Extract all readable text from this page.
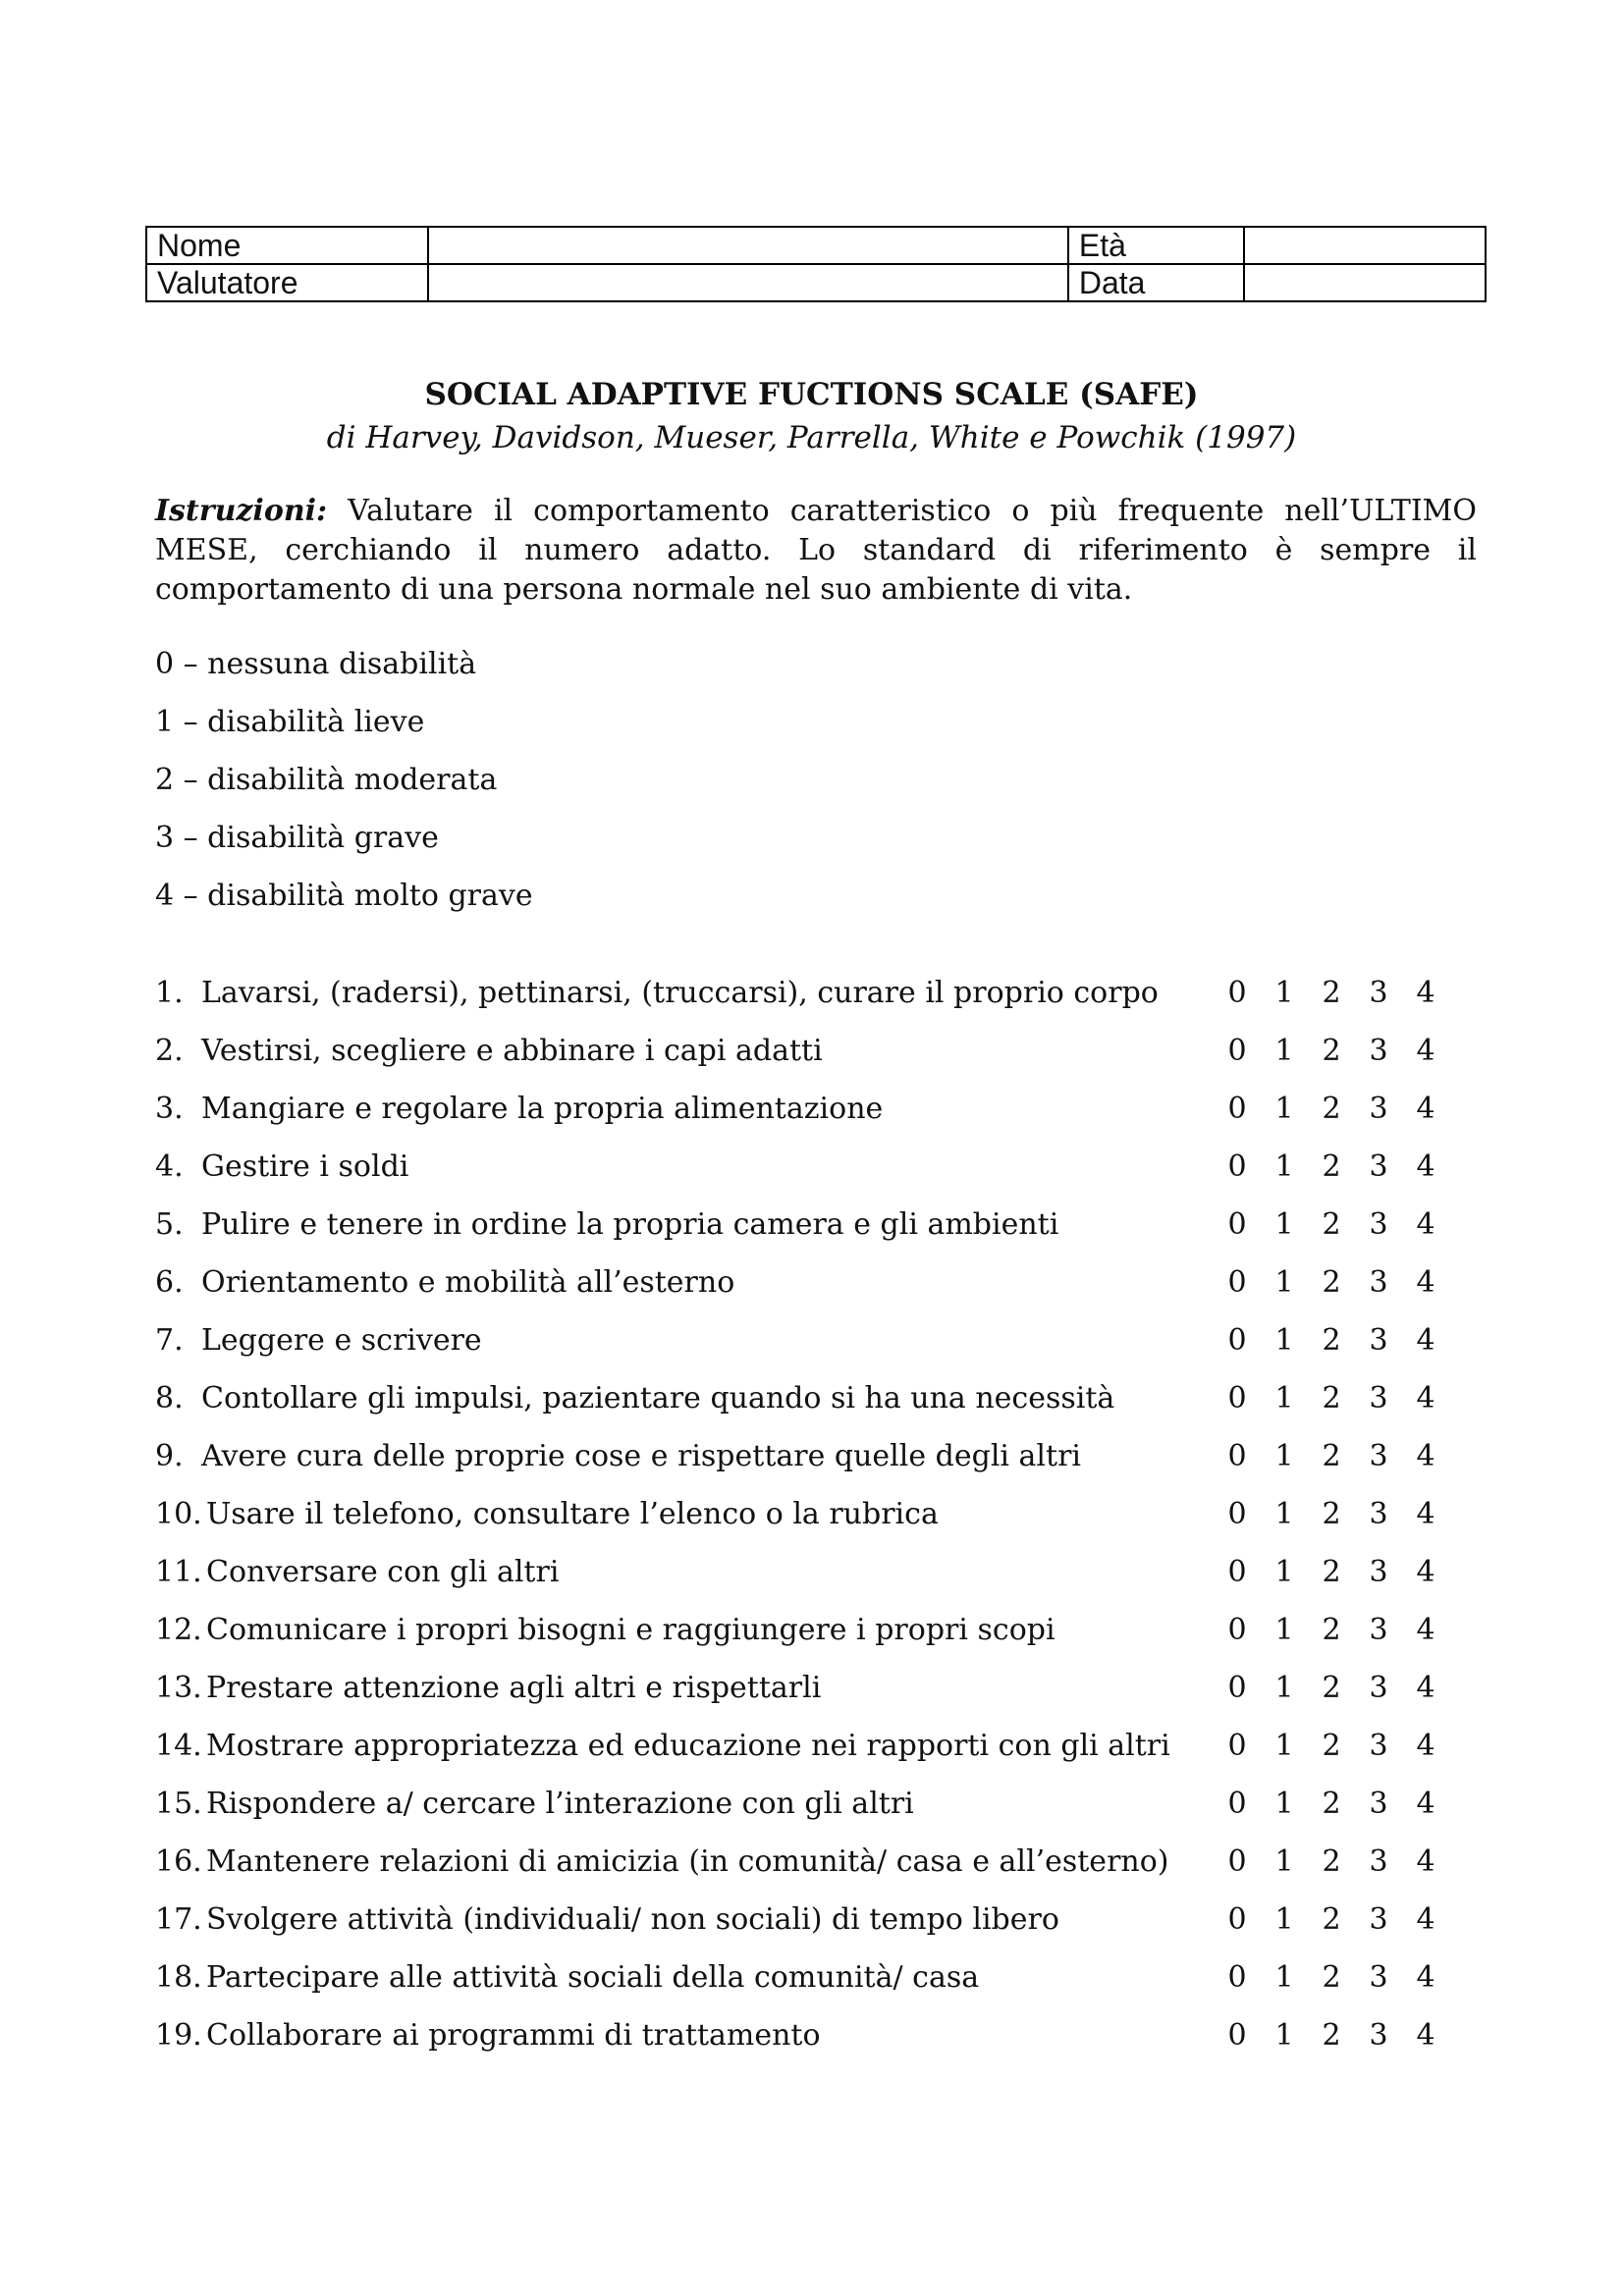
Nome		Età	
Valutatore		Data	
SOCIAL ADAPTIVE FUCTIONS SCALE (SAFE)
di Harvey, Davidson, Mueser, Parrella, White e Powchik (1997)
Istruzioni: Valutare il comportamento caratteristico o più frequente nell’ULTIMO MESE, cerchiando il numero adatto. Lo standard di riferimento è sempre il comportamento di una persona normale nel suo ambiente di vita.
0 – nessuna disabilità
1 – disabilità lieve
2 – disabilità moderata
3 – disabilità grave
4 – disabilità molto grave
1. Lavarsi, (radersi), pettinarsi, (truccarsi), curare il proprio corpo 0 1 2 3 4
2. Vestirsi, scegliere e abbinare i capi adatti	0 1 2 3 4
3. Mangiare e regolare la propria alimentazione	0 1 2 3 4
4. Gestire i soldi	0 1 2 3 4
5. Pulire e tenere in ordine la propria camera e gli ambienti	0 1 2 3 4
6. Orientamento e mobilità all’esterno	0 1 2 3 4
7. Leggere e scrivere	0 1 2 3 4
8. Contollare gli impulsi, pazientare quando si ha una necessità	0 1 2 3 4
9. Avere cura delle proprie cose e rispettare quelle degli altri	0 1 2 3 4
10. Usare il telefono, consultare l’elenco o la rubrica	0 1 2 3 4
11. Conversare con gli altri	0 1 2 3 4
12. Comunicare i propri bisogni e raggiungere i propri scopi	0 1 2 3 4
13. Prestare attenzione agli altri e rispettarli	0 1 2 3 4
14. Mostrare appropriatezza ed educazione nei rapporti con gli altri 0 1 2 3 4
15. Rispondere a/ cercare l’interazione con gli altri	0 1 2 3 4
16. Mantenere relazioni di amicizia (in comunità/ casa e all’esterno) 0 1 2 3 4
17. Svolgere attività (individuali/ non sociali) di tempo libero	0 1 2 3 4
18. Partecipare alle attività sociali della comunità/ casa	0 1 2 3 4
19. Collaborare ai programmi di trattamento	0 1 2 3 4
